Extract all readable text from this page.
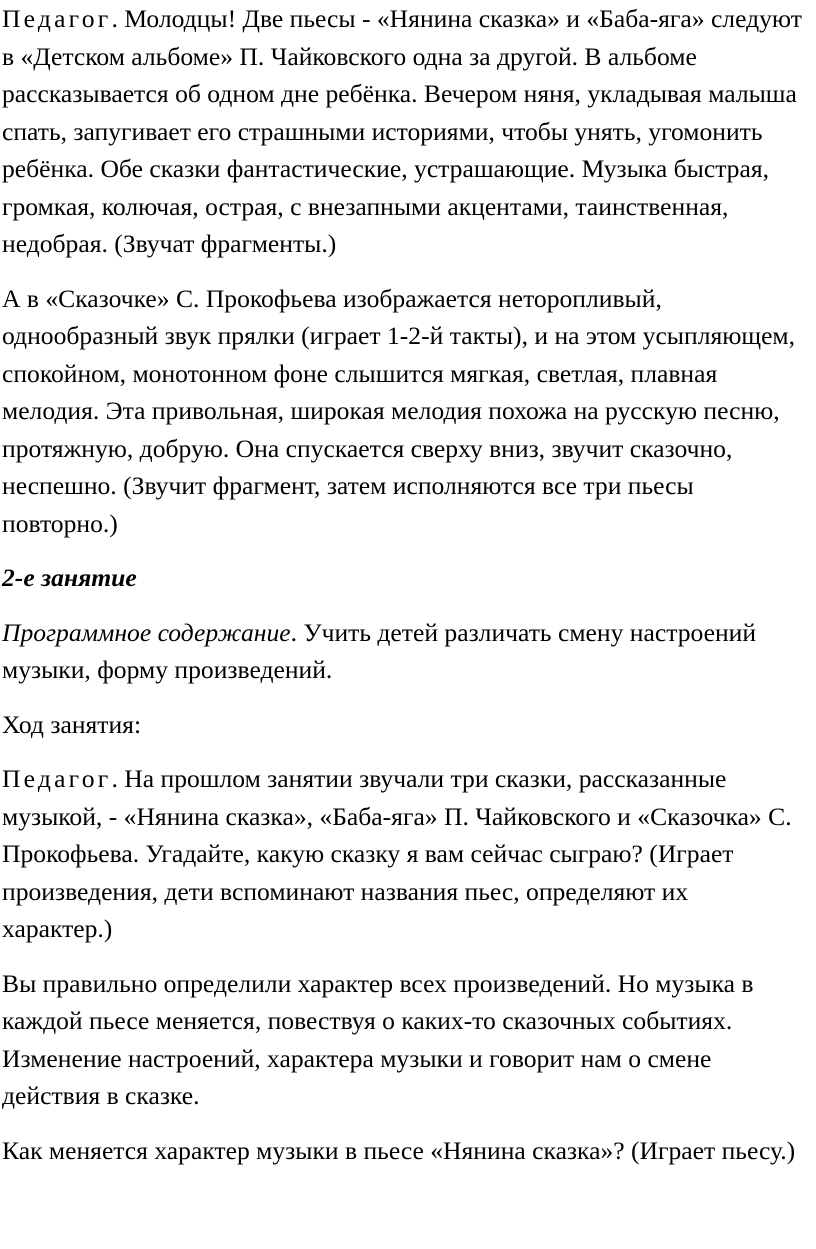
Педагог. Молодцы! Две пьесы - «Нянина сказка» и «Баба-яга» следуют в «Детском альбоме» П. Чайковского одна за другой. В альбоме рассказывается об одном дне ребёнка. Вечером няня, укладывая малыша спать, запугивает его страшными историями, чтобы унять, угомонить ребёнка. Обе сказки фантастические, устрашающие. Музыка быстрая, громкая, колючая, острая, с внезапными акцентами, таинственная, недобрая. (Звучат фрагменты.)

А в «Сказочке» С. Прокофьева изображается неторопливый, однообразный звук прялки (играет 1-2-й такты), и на этом усыпляющем, спокойном, монотонном фоне слышится мягкая, светлая, плавная мелодия. Эта привольная, широкая мелодия похожа на русскую песню, протяжную, добрую. Она спускается сверху вниз, звучит сказочно, неспешно. (Звучит фрагмент, затем исполняются все три пьесы повторно.)

2-е занятие

Программное содержание. Учить детей различать смену настроений музыки, форму произведений.

Ход занятия:

Педагог. На прошлом занятии звучали три сказки, рассказанные музыкой, - «Нянина сказка», «Баба-яга» П. Чайковского и «Сказочка» С. Прокофьева. Угадайте, какую сказку я вам сейчас сыграю? (Играет произведения, дети вспоминают названия пьес, определяют их характер.)

Вы правильно определили характер всех произведений. Но музыка в каждой пьесе меняется, повествуя о каких-то сказочных событиях. Изменение настроений, характера музыки и говорит нам о смене действия в сказке.

Как меняется характер музыки в пьесе «Нянина сказка»? (Играет пьесу.)
